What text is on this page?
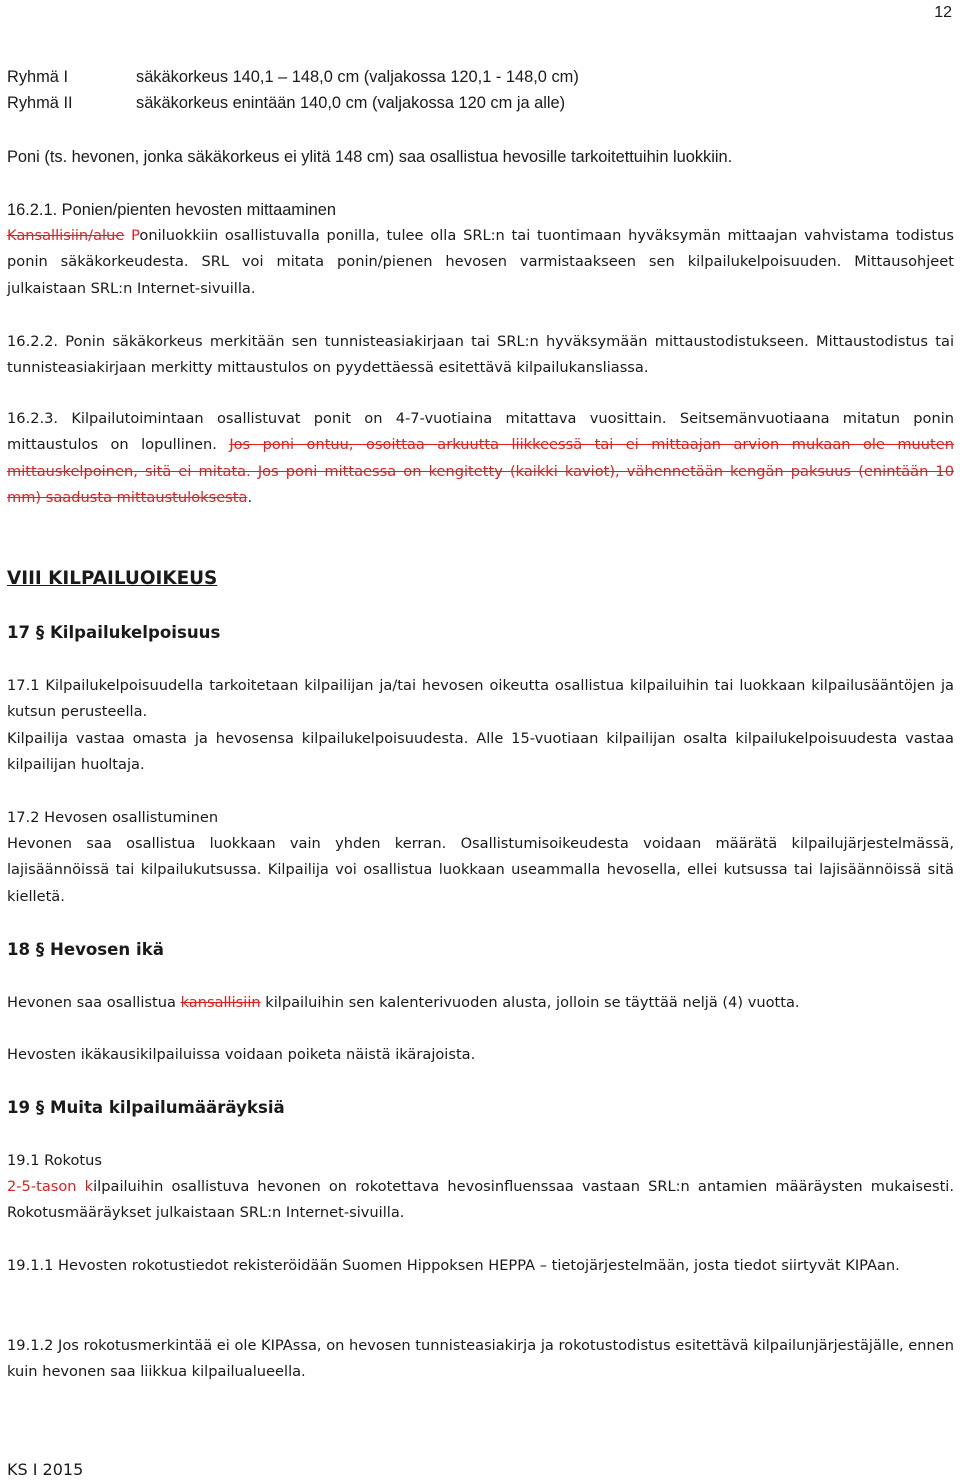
12
Ryhmä I	säkäkorkeus 140,1 – 148,0 cm (valjakossa 120,1 - 148,0 cm)
Ryhmä II	säkäkorkeus enintään 140,0 cm (valjakossa 120 cm ja alle)
Poni (ts. hevonen, jonka säkäkorkeus ei ylitä 148 cm) saa osallistua hevosille tarkoitettuihin luokkiin.
16.2.1. Ponien/pienten hevosten mittaaminen
Kansallisiin/alue Poniluokkiin osallistuvalla ponilla, tulee olla SRL:n tai tuontimaan hyväksymän mittaajan vahvistama todistus ponin säkäkorkeudesta. SRL voi mitata ponin/pienen hevosen varmistaakseen sen kilpailukelpoisuuden. Mittausohjeet julkaistaan SRL:n Internet-sivuilla.
16.2.2. Ponin säkäkorkeus merkitään sen tunnisteasiakirjaan tai SRL:n hyväksymään mittaustodistukseen. Mittaustodistus tai tunnisteasiakirjaan merkitty mittaustulos on pyydettäessä esitettävä kilpailukansliassa.
16.2.3. Kilpailutoimintaan osallistuvat ponit on 4-7-vuotiaina mitattava vuosittain. Seitsemänvuotiaana mitatun ponin mittaustulos on lopullinen. Jos poni ontuu, osoittaa arkuutta liikkeessä tai ei mittaajan arvion mukaan ole muuten mittauskelpoinen, sitä ei mitata. Jos poni mittaessa on kengitetty (kaikki kaviot), vähennetään kengän paksuus (enintään 10 mm) saadusta mittaustuloksesta.
VIII KILPAILUOIKEUS
17 § Kilpailukelpoisuus
17.1 Kilpailukelpoisuudella tarkoitetaan kilpailijan ja/tai hevosen oikeutta osallistua kilpailuihin tai luokkaan kilpailusääntöjen ja kutsun perusteella.
Kilpailija vastaa omasta ja hevosensa kilpailukelpoisuudesta. Alle 15-vuotiaan kilpailijan osalta kilpailukelpoisuudesta vastaa kilpailijan huoltaja.
17.2 Hevosen osallistuminen
Hevonen saa osallistua luokkaan vain yhden kerran. Osallistumisoikeudesta voidaan määrätä kilpailujärjestelmässä, lajisäännöissä tai kilpailukutsussa. Kilpailija voi osallistua luokkaan useammalla hevosella, ellei kutsussa tai lajisäännöissä sitä kielletä.
18 § Hevosen ikä
Hevonen saa osallistua kansallisiin kilpailuihin sen kalenterivuoden alusta, jolloin se täyttää neljä (4) vuotta.
Hevosten ikäkausikilpailuissa voidaan poiketa näistä ikärajoista.
19 § Muita kilpailumääräyksiä
19.1 Rokotus
2-5-tason kilpailuihin osallistuva hevonen on rokotettava hevosinfluenssaa vastaan SRL:n antamien määräysten mukaisesti. Rokotusmääräykset julkaistaan SRL:n Internet-sivuilla.
19.1.1 Hevosten rokotustiedot rekisteröidään Suomen Hippoksen HEPPA – tietojärjestelmään, josta tiedot siirtyvät KIPAan.
19.1.2 Jos rokotusmerkintää ei ole KIPAssa, on hevosen tunnisteasiakirja ja rokotustodistus esitettävä kilpailunjärjestäjälle, ennen kuin hevonen saa liikkua kilpailualueella.
KS I 2015
